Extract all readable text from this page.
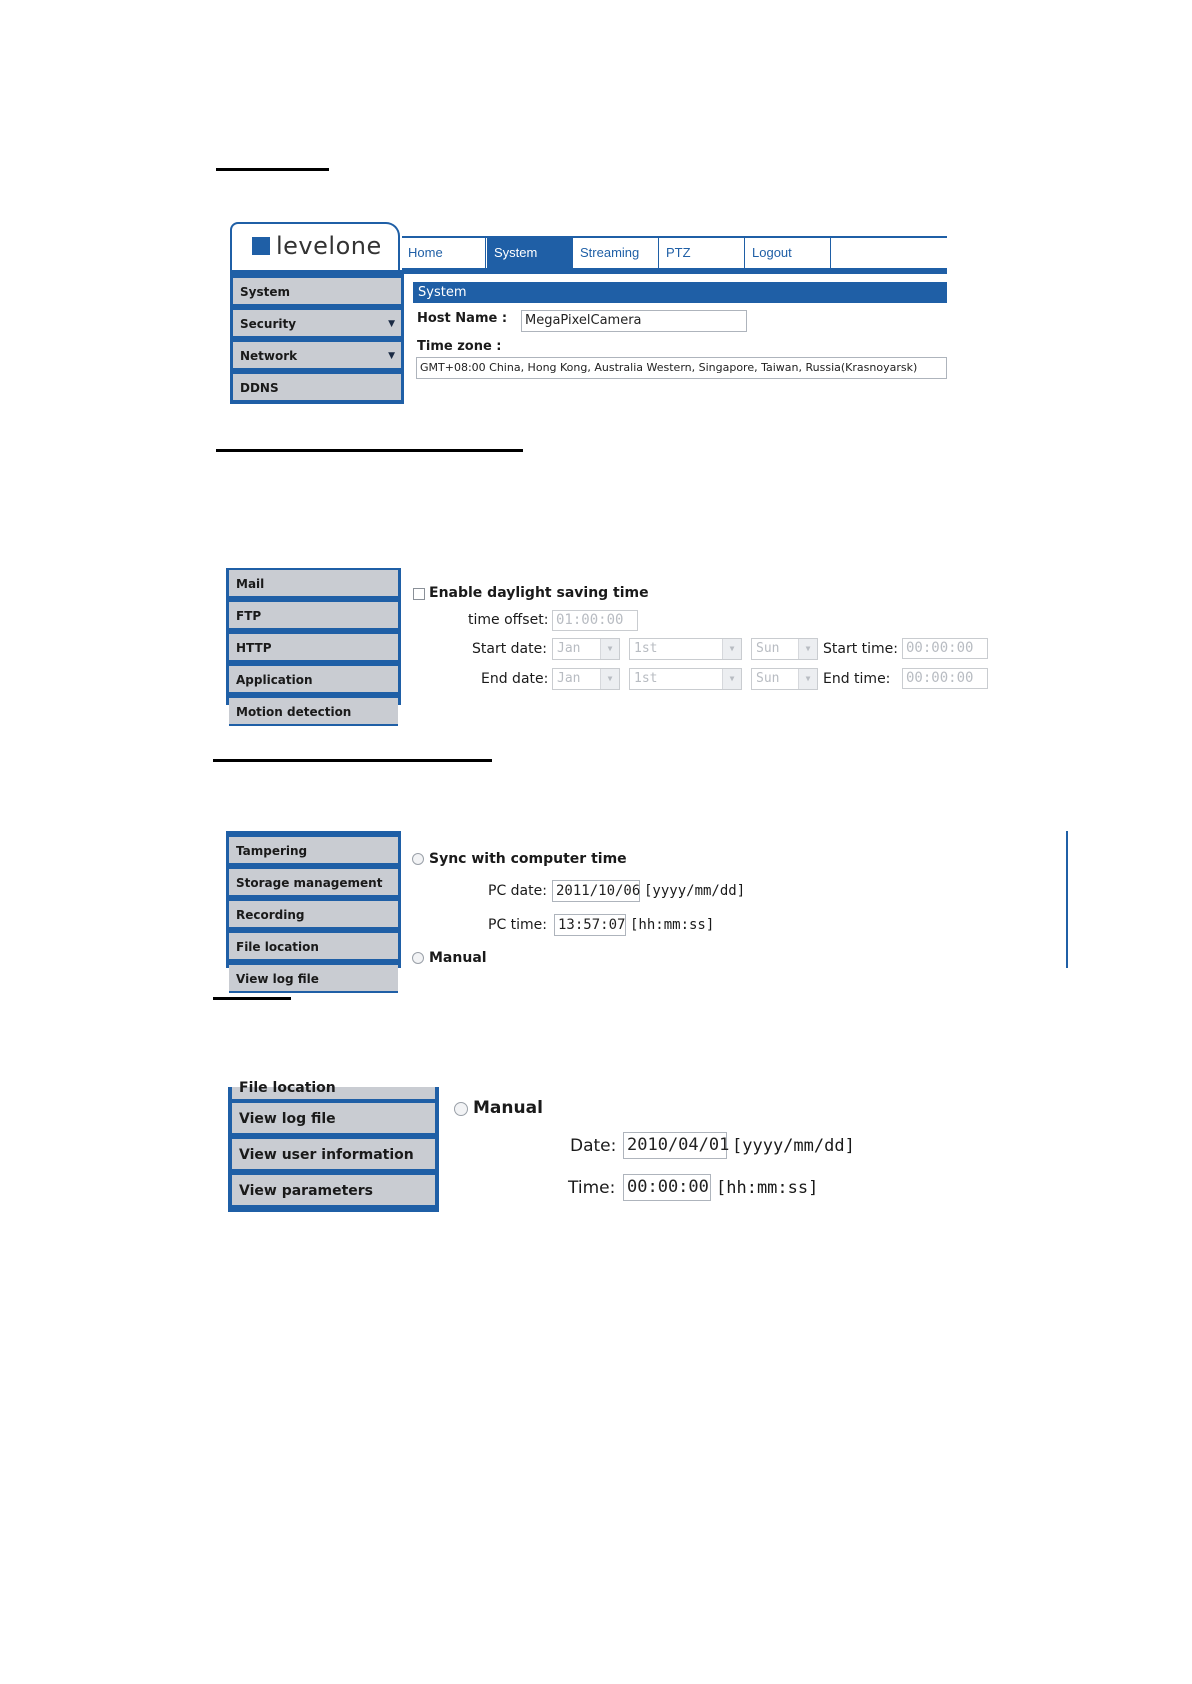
levelone	Home	System	Streaming	PTZ	Logout
System
Security	▼
Network	▼
DDNS
System
Host Name :	MegaPixelCamera
Time zone :
GMT+08:00 China, Hong Kong, Australia Western, Singapore, Taiwan, Russia(Krasnoyarsk)
Mail
FTP
HTTP
Application
Motion detection
Enable daylight saving time
time offset: 01:00:00
Start date: Jan	▼	1st	▼	Sun	▼ Start time: 00:00:00
End date: Jan	▼	1st	▼	Sun	▼ End time: 00:00:00
Tampering
Storage management
Recording
File location
View log file
Sync with computer time
PC date: 2011/10/06 [yyyy/mm/dd]
PC time: 13:57:07 [hh:mm:ss]
Manual
File location
View log file
View user information
View parameters
Manual
Date: 2010/04/01 [yyyy/mm/dd]
Time: 00:00:00 [hh:mm:ss]
